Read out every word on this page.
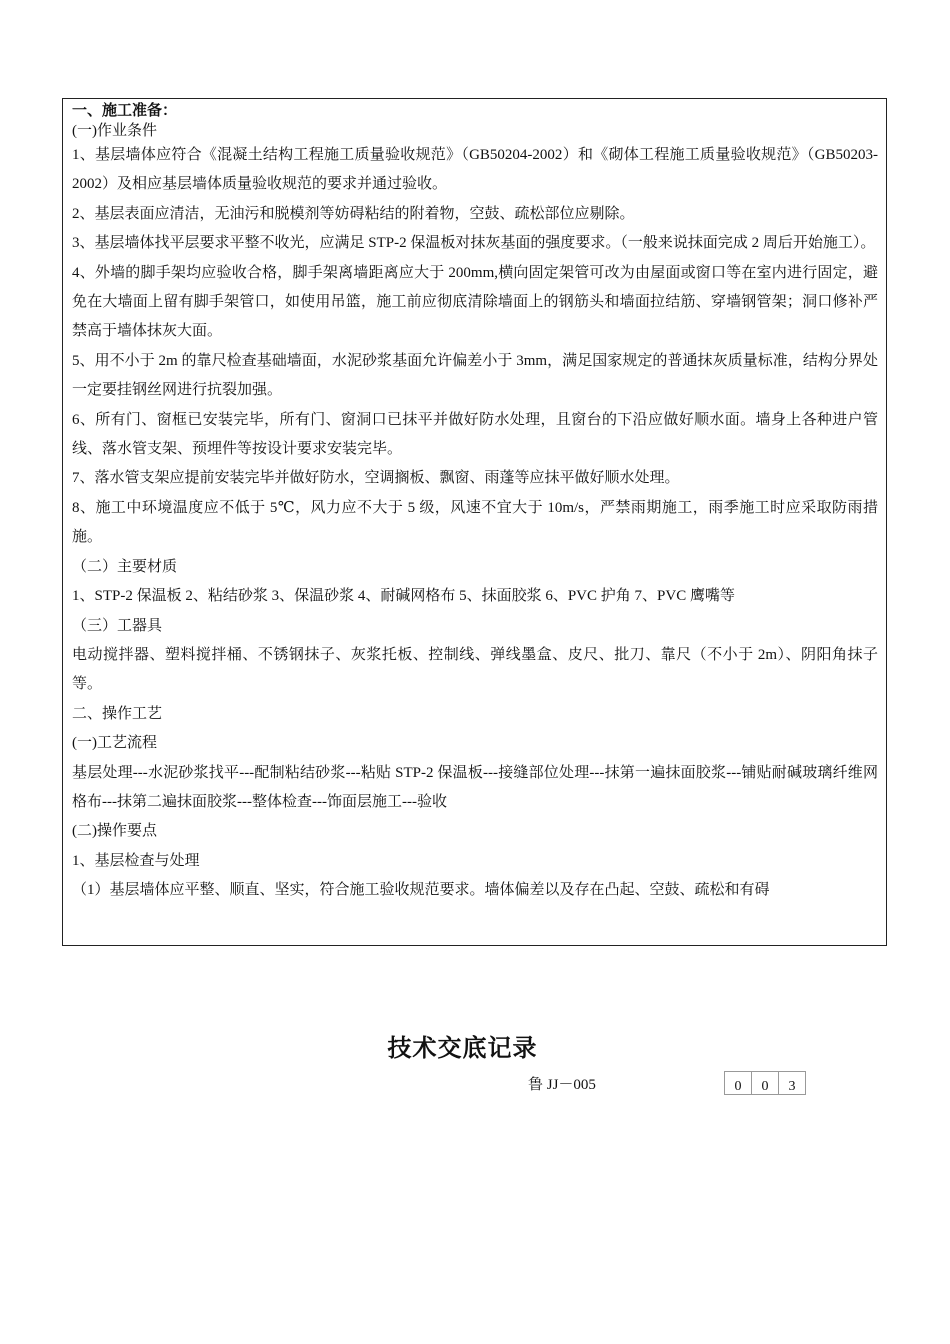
一、施工准备：

(一)作业条件

1、基层墙体应符合《混凝土结构工程施工质量验收规范》（GB50204-2002）和《砌体工程施工质量验收规范》（GB50203-2002）及相应基层墙体质量验收规范的要求并通过验收。

2、基层表面应清洁，无油污和脱模剂等妨碍粘结的附着物，空鼓、疏松部位应剔除。

3、基层墙体找平层要求平整不收光，应满足 STP-2 保温板对抹灰基面的强度要求。（一般来说抹面完成 2 周后开始施工）。

4、外墙的脚手架均应验收合格，脚手架离墙距离应大于 200mm,横向固定架管可改为由屋面或窗口等在室内进行固定，避免在大墙面上留有脚手架管口，如使用吊篮，施工前应彻底清除墙面上的钢筋头和墙面拉结筋、穿墙钢管架；洞口修补严禁高于墙体抹灰大面。

5、用不小于 2m 的靠尺检查基础墙面，水泥砂浆基面允许偏差小于 3mm，满足国家规定的普通抹灰质量标准，结构分界处一定要挂钢丝网进行抗裂加强。

6、所有门、窗框已安装完毕，所有门、窗洞口已抹平并做好防水处理，且窗台的下沿应做好顺水面。墙身上各种进户管线、落水管支架、预埋件等按设计要求安装完毕。

7、落水管支架应提前安装完毕并做好防水，空调搁板、飘窗、雨蓬等应抹平做好顺水处理。

8、施工中环境温度应不低于 5℃，风力应不大于 5 级，风速不宜大于 10m/s，严禁雨期施工，雨季施工时应采取防雨措施。

（二）主要材质

1、STP-2 保温板 2、粘结砂浆 3、保温砂浆 4、耐碱网格布 5、抹面胶浆 6、PVC 护角 7、PVC 鹰嘴等

（三）工器具

电动搅拌器、塑料搅拌桶、不锈钢抹子、灰浆托板、控制线、弹线墨盒、皮尺、批刀、靠尺（不小于 2m）、阴阳角抹子等。

二、操作工艺

(一)工艺流程

基层处理---水泥砂浆找平---配制粘结砂浆---粘贴 STP-2 保温板---接缝部位处理---抹第一遍抹面胶浆---铺贴耐碱玻璃纤维网格布---抹第二遍抹面胶浆---整体检查---饰面层施工---验收

(二)操作要点

1、基层检查与处理

（1）基层墙体应平整、顺直、坚实，符合施工验收规范要求。墙体偏差以及存在凸起、空鼓、疏松和有碍

技术交底记录

鲁 JJ－005	0	0	3
